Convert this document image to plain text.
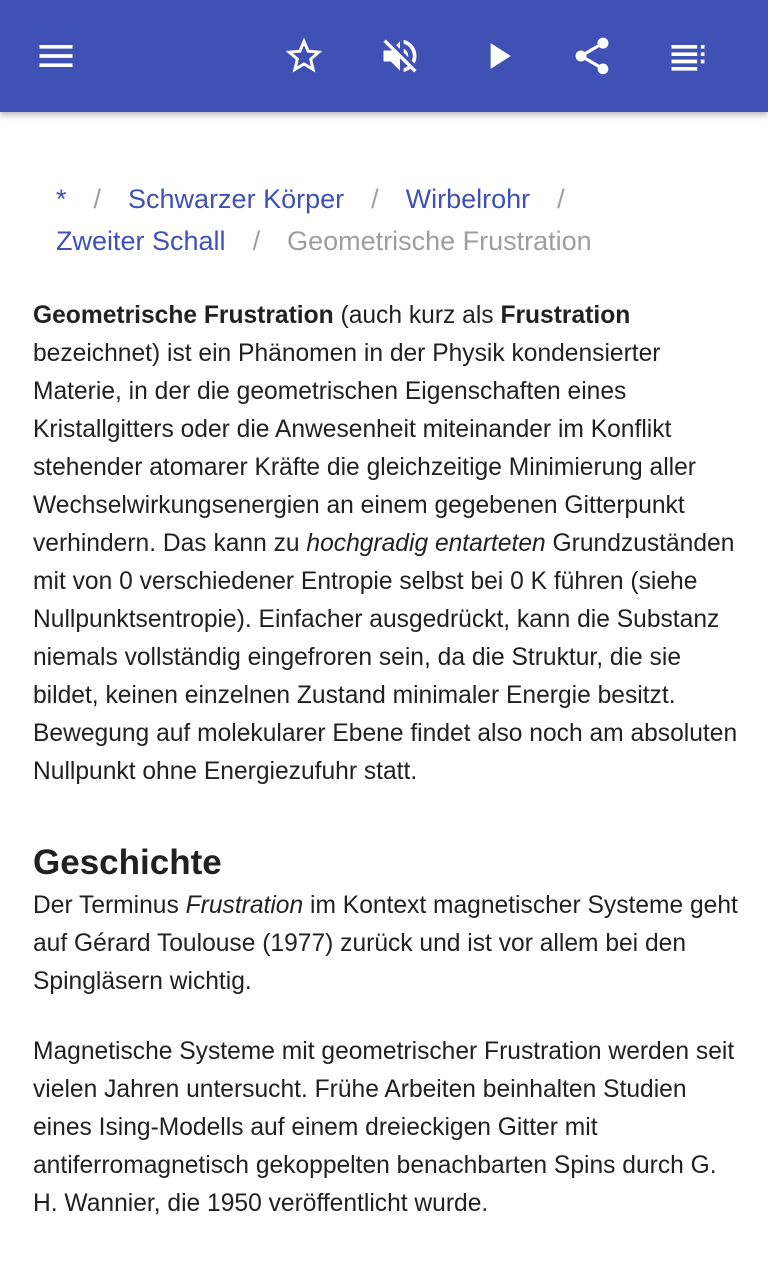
* / Schwarzer Körper / Wirbelrohr /
Zweiter Schall / Geometrische Frustration

Geometrische Frustration (auch kurz als Frustration bezeichnet) ist ein Phänomen in der Physik kondensierter Materie, in der die geometrischen Eigenschaften eines Kristallgitters oder die Anwesenheit miteinander im Konflikt stehender atomarer Kräfte die gleichzeitige Minimierung aller Wechselwirkungsenergien an einem gegebenen Gitterpunkt verhindern. Das kann zu hochgradig entarteten Grundzuständen mit von 0 verschiedener Entropie selbst bei 0 K führen (siehe Nullpunktsentropie). Einfacher ausgedrückt, kann die Substanz niemals vollständig eingefroren sein, da die Struktur, die sie bildet, keinen einzelnen Zustand minimaler Energie besitzt. Bewegung auf molekularer Ebene findet also noch am absoluten Nullpunkt ohne Energiezufuhr statt.

Geschichte

Der Terminus Frustration im Kontext magnetischer Systeme geht auf Gérard Toulouse (1977) zurück und ist vor allem bei den Spingläsern wichtig.

Magnetische Systeme mit geometrischer Frustration werden seit vielen Jahren untersucht. Frühe Arbeiten beinhalten Studien eines Ising-Modells auf einem dreieckigen Gitter mit antiferromagnetisch gekoppelten benachbarten Spins durch G. H. Wannier, die 1950 veröffentlicht wurde.
